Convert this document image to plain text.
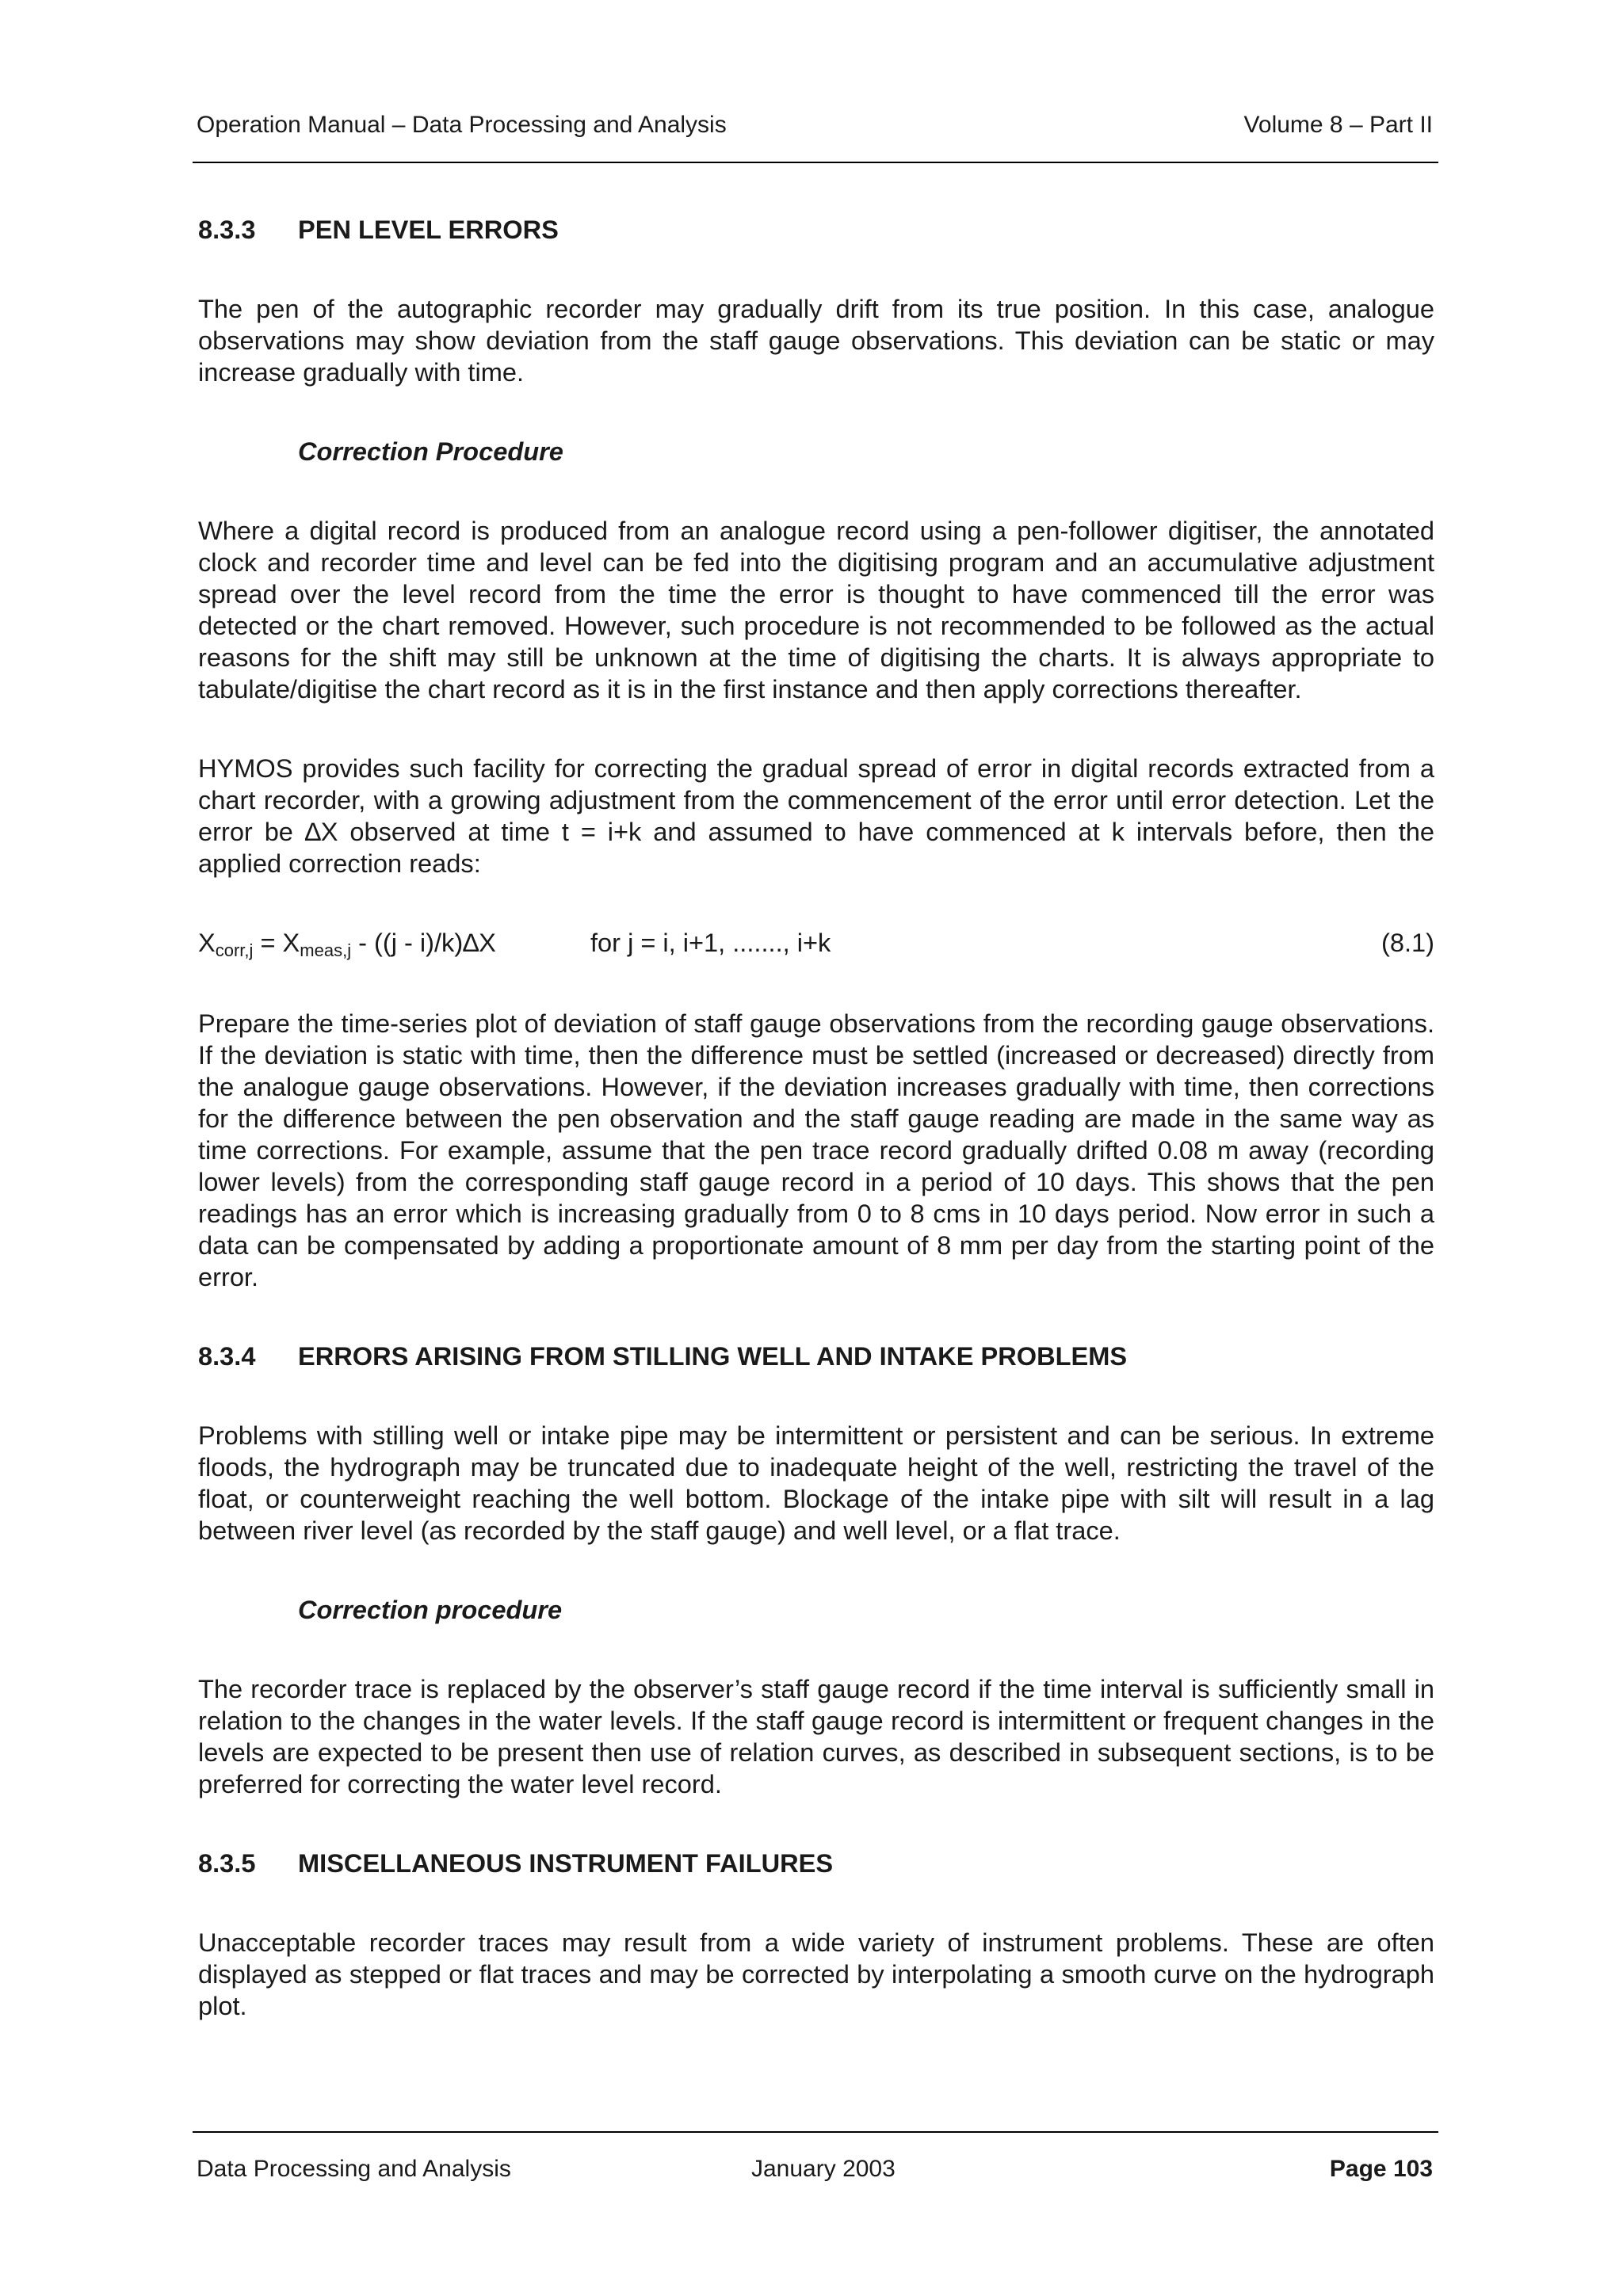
Operation Manual – Data Processing and Analysis	Volume 8 – Part II
8.3.3 PEN LEVEL ERRORS

The pen of the autographic recorder may gradually drift from its true position. In this case, analogue observations may show deviation from the staff gauge observations. This deviation can be static or may increase gradually with time.

Correction Procedure

Where a digital record is produced from an analogue record using a pen-follower digitiser, the annotated clock and recorder time and level can be fed into the digitising program and an accumulative adjustment spread over the level record from the time the error is thought to have commenced till the error was detected or the chart removed. However, such procedure is not recommended to be followed as the actual reasons for the shift may still be unknown at the time of digitising the charts. It is always appropriate to tabulate/digitise the chart record as it is in the first instance and then apply corrections thereafter.

HYMOS provides such facility for correcting the gradual spread of error in digital records extracted from a chart recorder, with a growing adjustment from the commencement of the error until error detection. Let the error be ∆X observed at time t = i+k and assumed to have commenced at k intervals before, then the applied correction reads:

$X_{corr,j} = X_{meas,j} - ((j - i)/k)\Delta X$	for j = i, i+1, ......., i+k	(8.1)

Prepare the time-series plot of deviation of staff gauge observations from the recording gauge observations. If the deviation is static with time, then the difference must be settled (increased or decreased) directly from the analogue gauge observations. However, if the deviation increases gradually with time, then corrections for the difference between the pen observation and the staff gauge reading are made in the same way as time corrections. For example, assume that the pen trace record gradually drifted 0.08 m away (recording lower levels) from the corresponding staff gauge record in a period of 10 days. This shows that the pen readings has an error which is increasing gradually from 0 to 8 cms in 10 days period. Now error in such a data can be compensated by adding a proportionate amount of 8 mm per day from the starting point of the error.

8.3.4 ERRORS ARISING FROM STILLING WELL AND INTAKE PROBLEMS

Problems with stilling well or intake pipe may be intermittent or persistent and can be serious. In extreme floods, the hydrograph may be truncated due to inadequate height of the well, restricting the travel of the float, or counterweight reaching the well bottom. Blockage of the intake pipe with silt will result in a lag between river level (as recorded by the staff gauge) and well level, or a flat trace.

Correction procedure

The recorder trace is replaced by the observer’s staff gauge record if the time interval is sufficiently small in relation to the changes in the water levels. If the staff gauge record is intermittent or frequent changes in the levels are expected to be present then use of relation curves, as described in subsequent sections, is to be preferred for correcting the water level record.

8.3.5 MISCELLANEOUS INSTRUMENT FAILURES

Unacceptable recorder traces may result from a wide variety of instrument problems. These are often displayed as stepped or flat traces and may be corrected by interpolating a smooth curve on the hydrograph plot.

Data Processing and Analysis	January 2003	Page 103
